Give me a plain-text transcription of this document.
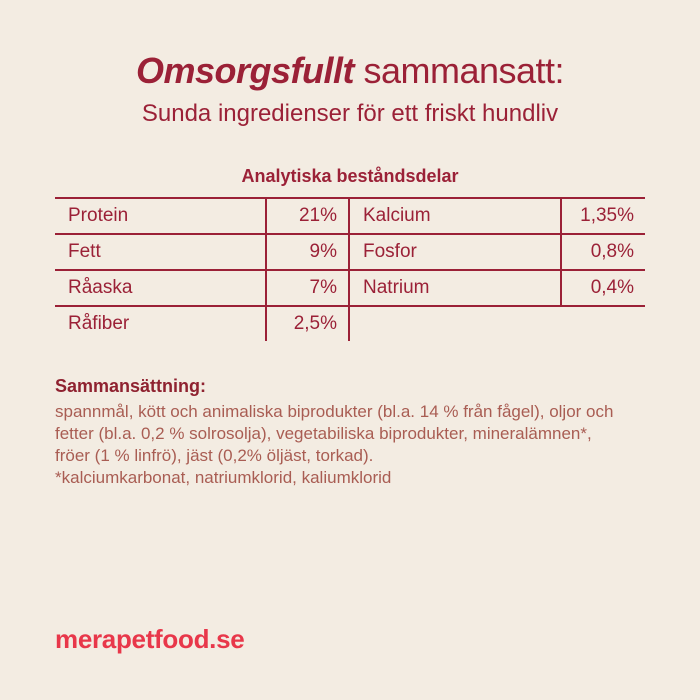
Omsorgsfullt sammansatt:
Sunda ingredienser för ett friskt hundliv
Analytiska beståndsdelar
Protein	21%	Kalcium	1,35%
Fett	9%	Fosfor	0,8%
Råaska	7%	Natrium	0,4%
Råfiber	2,5%
Sammansättning:
spannmål, kött och animaliska biprodukter (bl.a. 14 % från fågel), oljor och
fetter (bl.a. 0,2 % solrosolja), vegetabiliska biprodukter, mineralämnen*,
fröer (1 % linfrö), jäst (0,2% öljäst, torkad).
*kalciumkarbonat, natriumklorid, kaliumklorid
merapetfood.se
